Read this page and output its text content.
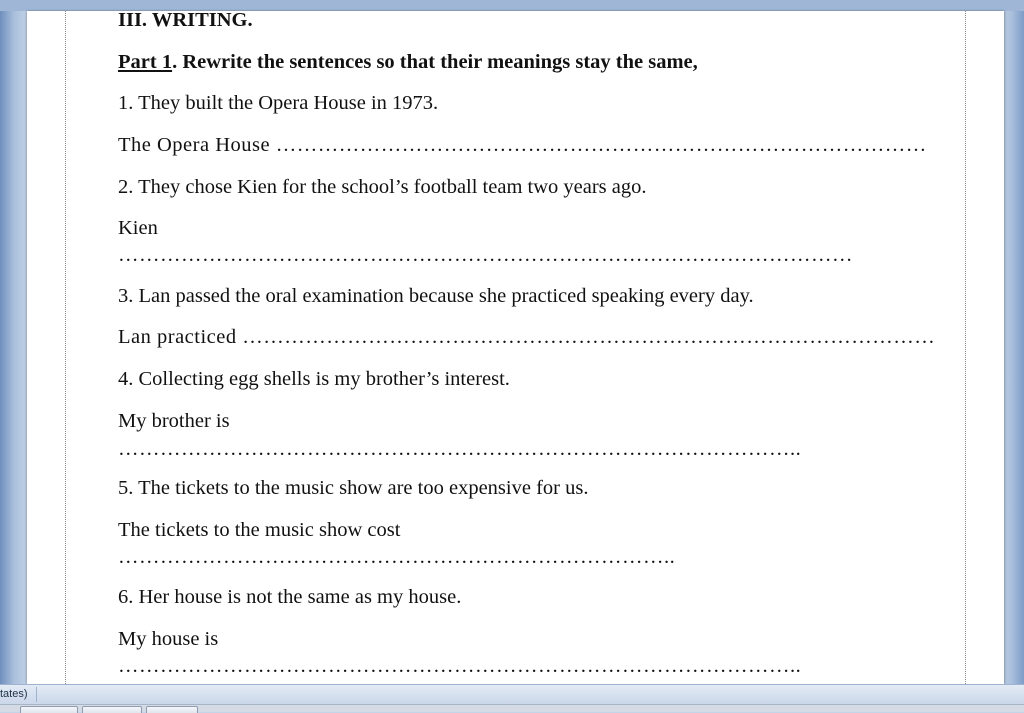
III. WRITING.
Part 1. Rewrite the sentences so that their meanings stay the same,
1. They built the Opera House in 1973.
The Opera House …………………………………………………………………………………
2. They chose Kien for the school’s football team two years ago.
Kien
……………………………………………………………………………………………
3. Lan passed the oral examination because she practiced speaking every day.
Lan practiced ………………………………………………………………………………………
4. Collecting egg shells is my brother’s interest.
My brother is
……………………………………………………………………………………..
5. The tickets to the music show are too expensive for us.
The tickets to the music show cost
……………………………………………………………………..
6. Her house is not the same as my house.
My house is
……………………………………………………………………………………..
tates)
